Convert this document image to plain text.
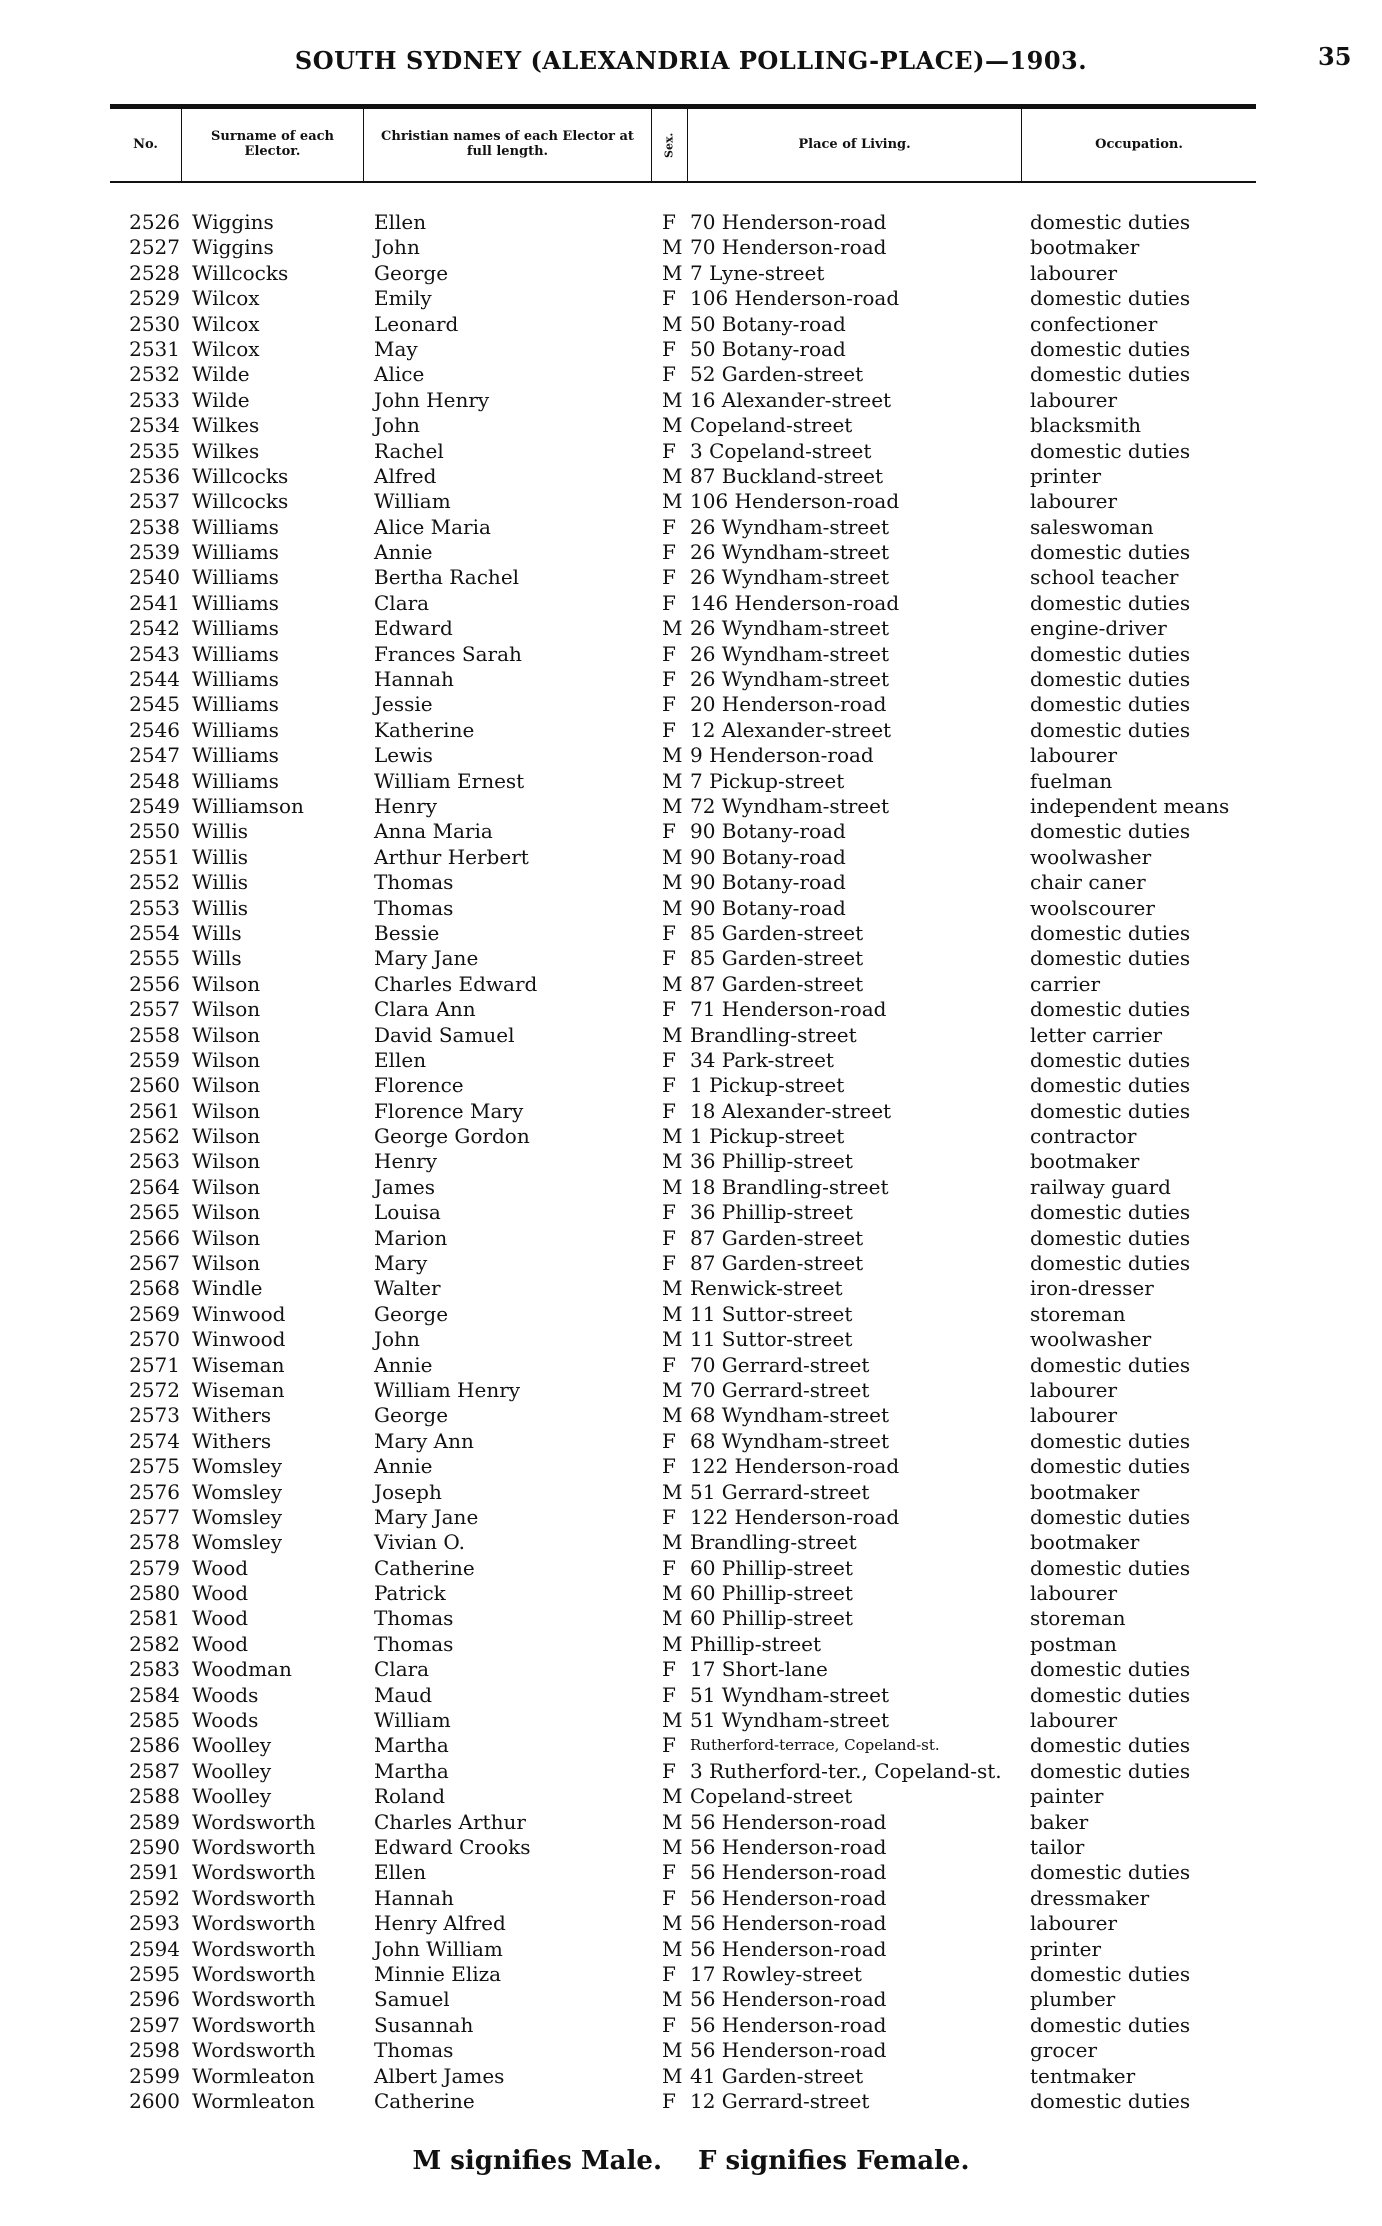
SOUTH SYDNEY (ALEXANDRIA POLLING-PLACE)—1903.	35
No.	Surname of each Elector.
Christian names of each Elector at full length.	Sex.	Place of Living.	Occupation.
2526 Wiggins	Ellen	F 70 Henderson-road	domestic duties
2527 Wiggins	John	M 70 Henderson-road	bootmaker
2528 Willcocks	George	M 7 Lyne-street	labourer
2529 Wilcox	Emily	F 106 Henderson-road	domestic duties
2530 Wilcox	Leonard	M 50 Botany-road	confectioner
2531 Wilcox	May	F 50 Botany-road	domestic duties
2532 Wilde	Alice	F 52 Garden-street	domestic duties
2533 Wilde	John Henry	M 16 Alexander-street	labourer
2534 Wilkes	John	M Copeland-street	blacksmith
2535 Wilkes	Rachel	F 3 Copeland-street	domestic duties
2536 Willcocks	Alfred	M 87 Buckland-street	printer
2537 Willcocks	William	M 106 Henderson-road	labourer
2538 Williams	Alice Maria	F 26 Wyndham-street	saleswoman
2539 Williams	Annie	F 26 Wyndham-street	domestic duties
2540 Williams	Bertha Rachel	F 26 Wyndham-street	school teacher
2541 Williams	Clara	F 146 Henderson-road	domestic duties
2542 Williams	Edward	M 26 Wyndham-street	engine-driver
2543 Williams	Frances Sarah	F 26 Wyndham-street	domestic duties
2544 Williams	Hannah	F 26 Wyndham-street	domestic duties
2545 Williams	Jessie	F 20 Henderson-road	domestic duties
2546 Williams	Katherine	F 12 Alexander-street	domestic duties
2547 Williams	Lewis	M 9 Henderson-road	labourer
2548 Williams	William Ernest	M 7 Pickup-street	fuelman
2549 Williamson	Henry	M 72 Wyndham-street	independent means
2550 Willis	Anna Maria	F 90 Botany-road	domestic duties
2551 Willis	Arthur Herbert	M 90 Botany-road	woolwasher
2552 Willis	Thomas	M 90 Botany-road	chair caner
2553 Willis	Thomas	M 90 Botany-road	woolscourer
2554 Wills	Bessie	F 85 Garden-street	domestic duties
2555 Wills	Mary Jane	F 85 Garden-street	domestic duties
2556 Wilson	Charles Edward	M 87 Garden-street	carrier
2557 Wilson	Clara Ann	F 71 Henderson-road	domestic duties
2558 Wilson	David Samuel	M Brandling-street	letter carrier
2559 Wilson	Ellen	F 34 Park-street	domestic duties
2560 Wilson	Florence	F 1 Pickup-street	domestic duties
2561 Wilson	Florence Mary	F 18 Alexander-street	domestic duties
2562 Wilson	George Gordon	M 1 Pickup-street	contractor
2563 Wilson	Henry	M 36 Phillip-street	bootmaker
2564 Wilson	James	M 18 Brandling-street	railway guard
2565 Wilson	Louisa	F 36 Phillip-street	domestic duties
2566 Wilson	Marion	F 87 Garden-street	domestic duties
2567 Wilson	Mary	F 87 Garden-street	domestic duties
2568 Windle	Walter	M Renwick-street	iron-dresser
2569 Winwood	George	M 11 Suttor-street	storeman
2570 Winwood	John	M 11 Suttor-street	woolwasher
2571 Wiseman	Annie	F 70 Gerrard-street	domestic duties
2572 Wiseman	William Henry	M 70 Gerrard-street	labourer
2573 Withers	George	M 68 Wyndham-street	labourer
2574 Withers	Mary Ann	F 68 Wyndham-street	domestic duties
2575 Womsley	Annie	F 122 Henderson-road	domestic duties
2576 Womsley	Joseph	M 51 Gerrard-street	bootmaker
2577 Womsley	Mary Jane	F 122 Henderson-road	domestic duties
2578 Womsley	Vivian O.	M Brandling-street	bootmaker
2579 Wood	Catherine	F 60 Phillip-street	domestic duties
2580 Wood	Patrick	M 60 Phillip-street	labourer
2581 Wood	Thomas	M 60 Phillip-street	storeman
2582 Wood	Thomas	M Phillip-street	postman
2583 Woodman	Clara	F 17 Short-lane	domestic duties
2584 Woods	Maud	F 51 Wyndham-street	domestic duties
2585 Woods	William	M 51 Wyndham-street	labourer
2586 Woolley	Martha	F Rutherford-terrace, Copeland-st.	domestic duties
2587 Woolley	Martha	F 3 Rutherford-ter., Copeland-st. domestic duties
2588 Woolley	Roland	M Copeland-street	painter
2589 Wordsworth	Charles Arthur	M 56 Henderson-road	baker
2590 Wordsworth	Edward Crooks	M 56 Henderson-road	tailor
2591 Wordsworth	Ellen	F 56 Henderson-road	domestic duties
2592 Wordsworth	Hannah	F 56 Henderson-road	dressmaker
2593 Wordsworth	Henry Alfred	M 56 Henderson-road	labourer
2594 Wordsworth	John William	M 56 Henderson-road	printer
2595 Wordsworth	Minnie Eliza	F 17 Rowley-street	domestic duties
2596 Wordsworth	Samuel	M 56 Henderson-road	plumber
2597 Wordsworth	Susannah	F 56 Henderson-road	domestic duties
2598 Wordsworth	Thomas	M 56 Henderson-road	grocer
2599 Wormleaton	Albert James	M 41 Garden-street	tentmaker
2600 Wormleaton	Catherine	F 12 Gerrard-street	domestic duties
M signifies Male. F signifies Female.
